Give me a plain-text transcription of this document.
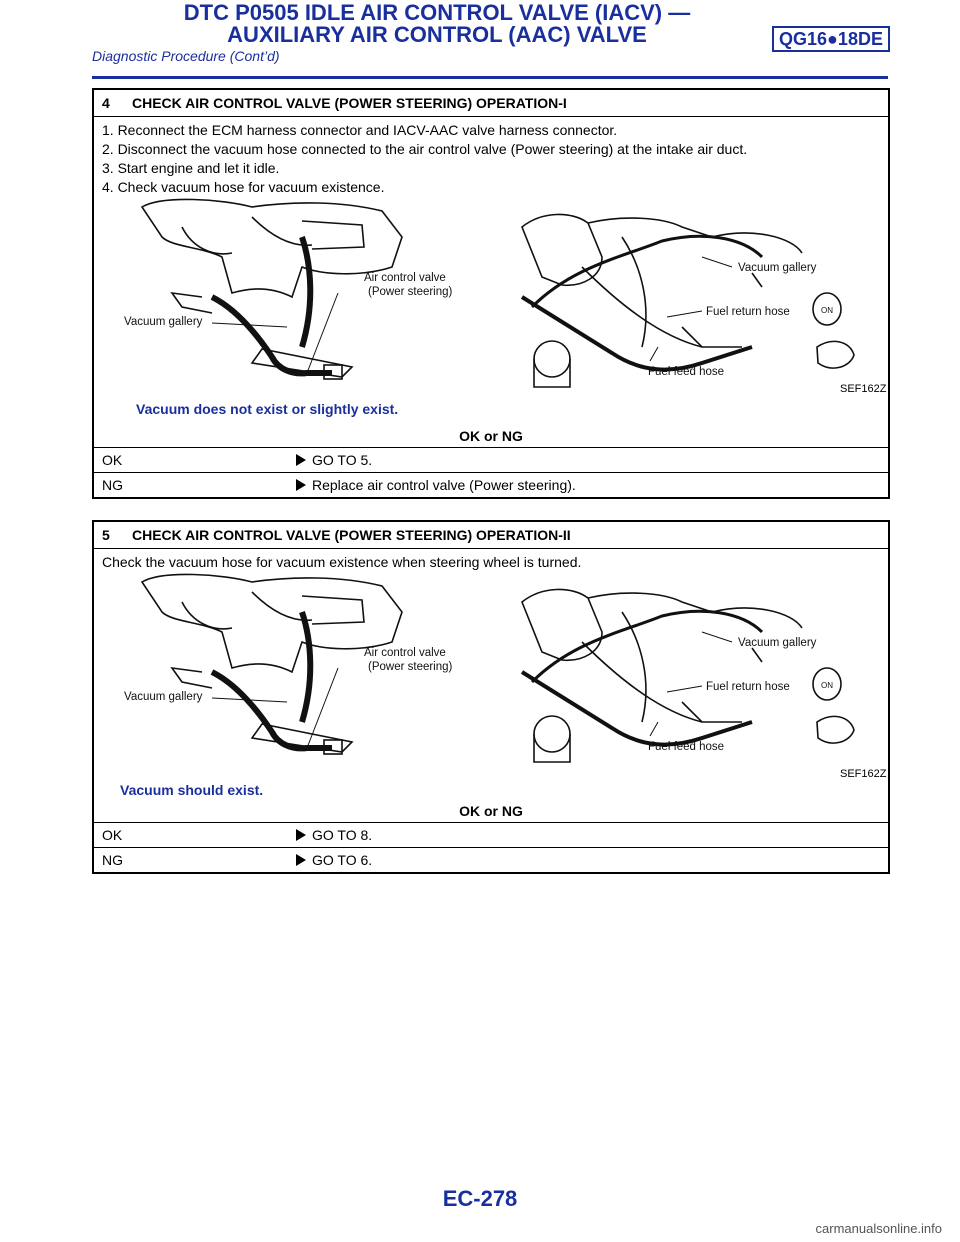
DTC P0505 IDLE AIR CONTROL VALVE (IACV) —
AUXILIARY AIR CONTROL (AAC) VALVE	QG16●18DE
Diagnostic Procedure (Cont’d)
4 CHECK AIR CONTROL VALVE (POWER STEERING) OPERATION-I
1. Reconnect the ECM harness connector and IACV-AAC valve harness connector.
2. Disconnect the vacuum hose connected to the air control valve (Power steering) at the intake air duct.
3. Start engine and let it idle.
4. Check vacuum hose for vacuum existence.
Air control valve
(Power steering)
Vacuum gallery
Vacuum gallery
Fuel return hose
Fuel feed hose
ON
SEF162Z
Vacuum does not exist or slightly exist.
OK or NG
OK	GO TO 5.
NG	Replace air control valve (Power steering).
5 CHECK AIR CONTROL VALVE (POWER STEERING) OPERATION-II
Check the vacuum hose for vacuum existence when steering wheel is turned.
Air control valve
(Power steering)
Vacuum gallery
Vacuum gallery
Fuel return hose
Fuel feed hose
ON
SEF162Z
Vacuum should exist.
OK or NG
OK	GO TO 8.
NG	GO TO 6.
EC-278
carmanualsonline.info
